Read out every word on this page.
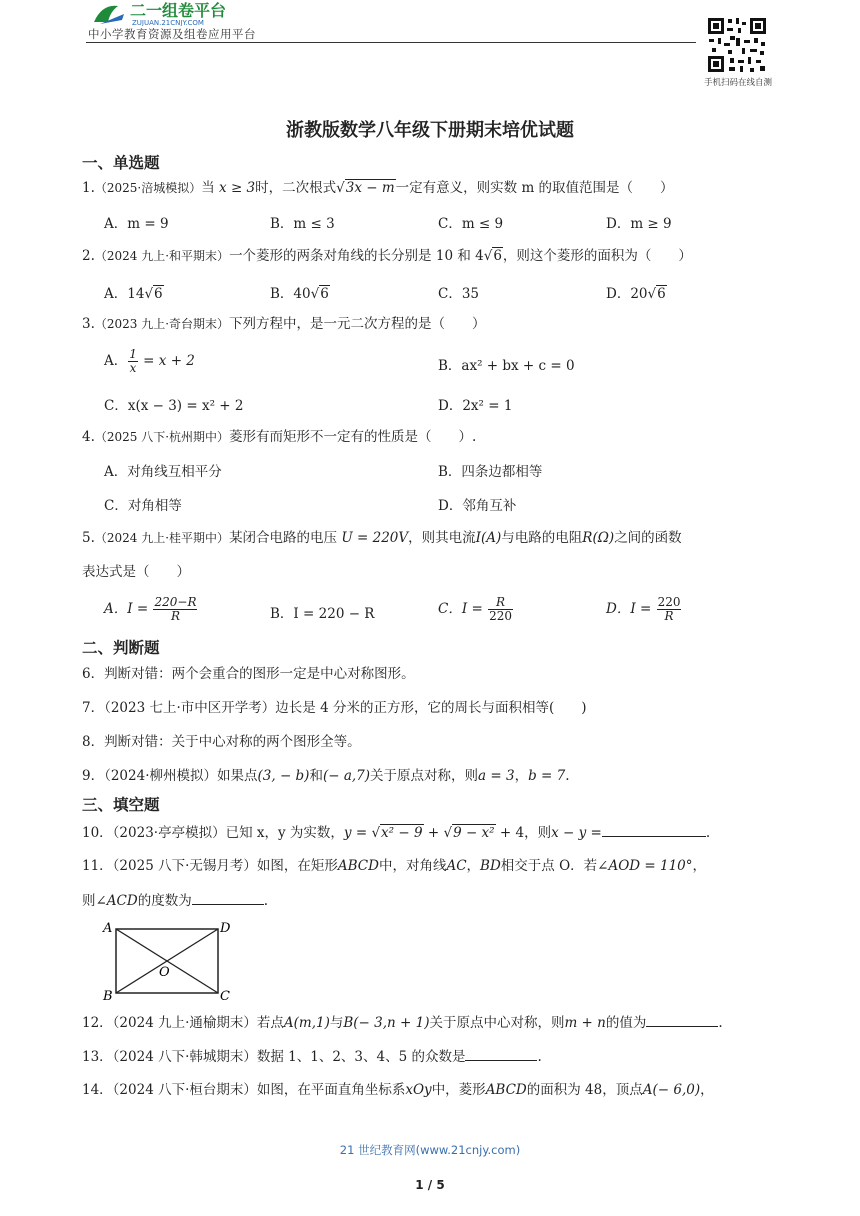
二一组卷平台
ZUJUAN.21CNJY.COM
中小学教育资源及组卷应用平台
手机扫码在线自测
浙教版数学八年级下册期末培优试题
一、单选题
1.（2025·涪城模拟）当 x ≥ 3时，二次根式√3x − m一定有意义，则实数 m 的取值范围是（　　）
A．m = 9	B．m ≤ 3	C．m ≤ 9	D．m ≥ 9
2.（2024 九上·和平期末）一个菱形的两条对角线的长分别是 10 和 4√6，则这个菱形的面积为（　　）
A．14√6	B．40√6	C．35	D．20√6
3.（2023 九上·奇台期末）下列方程中，是一元二次方程的是（　　）
A． $\frac{1}{x} = x + 2$	B．ax² + bx + c = 0
C．x(x − 3) = x² + 2	D．2x² = 1
4.（2025 八下·杭州期中）菱形有而矩形不一定有的性质是（　　）.
A．对角线互相平分	B．四条边都相等
C．对角相等	D．邻角互补
5.（2024 九上·桂平期中）某闭合电路的电压 U = 220V，则其电流I(A)与电路的电阻R(Ω)之间的函数
表达式是（　　）
A．$I = \frac{220-R}{R}$	B．I = 220 − R	C．$I = \frac{R}{220}$	D．$I = \frac{220}{R}$
二、判断题
6．判断对错：两个会重合的图形一定是中心对称图形。
7．（2023 七上·市中区开学考）边长是 4 分米的正方形，它的周长与面积相等(　　)
8．判断对错：关于中心对称的两个图形全等。
9．（2024·柳州模拟）如果点(3, − b)和(− a,7)关于原点对称，则a = 3，b = 7.
三、填空题
10．（2023·亭亭模拟）已知 x，y 为实数，y = √x² − 9 + √9 − x² + 4，则x − y =	.
11．（2025 八下·无锡月考）如图，在矩形ABCD中，对角线AC，BD相交于点 O．若∠AOD = 110°，
则∠ACD的度数为	.
A	D
B	C
O
12．（2024 九上·通榆期末）若点A(m,1)与B(− 3,n + 1)关于原点中心对称，则m + n的值为	.
13．（2024 八下·韩城期末）数据 1、1、2、3、4、5 的众数是	.
14．（2024 八下·桓台期末）如图，在平面直角坐标系xOy中，菱形ABCD的面积为 48，顶点A(− 6,0)，
21 世纪教育网(www.21cnjy.com)
1 / 5
